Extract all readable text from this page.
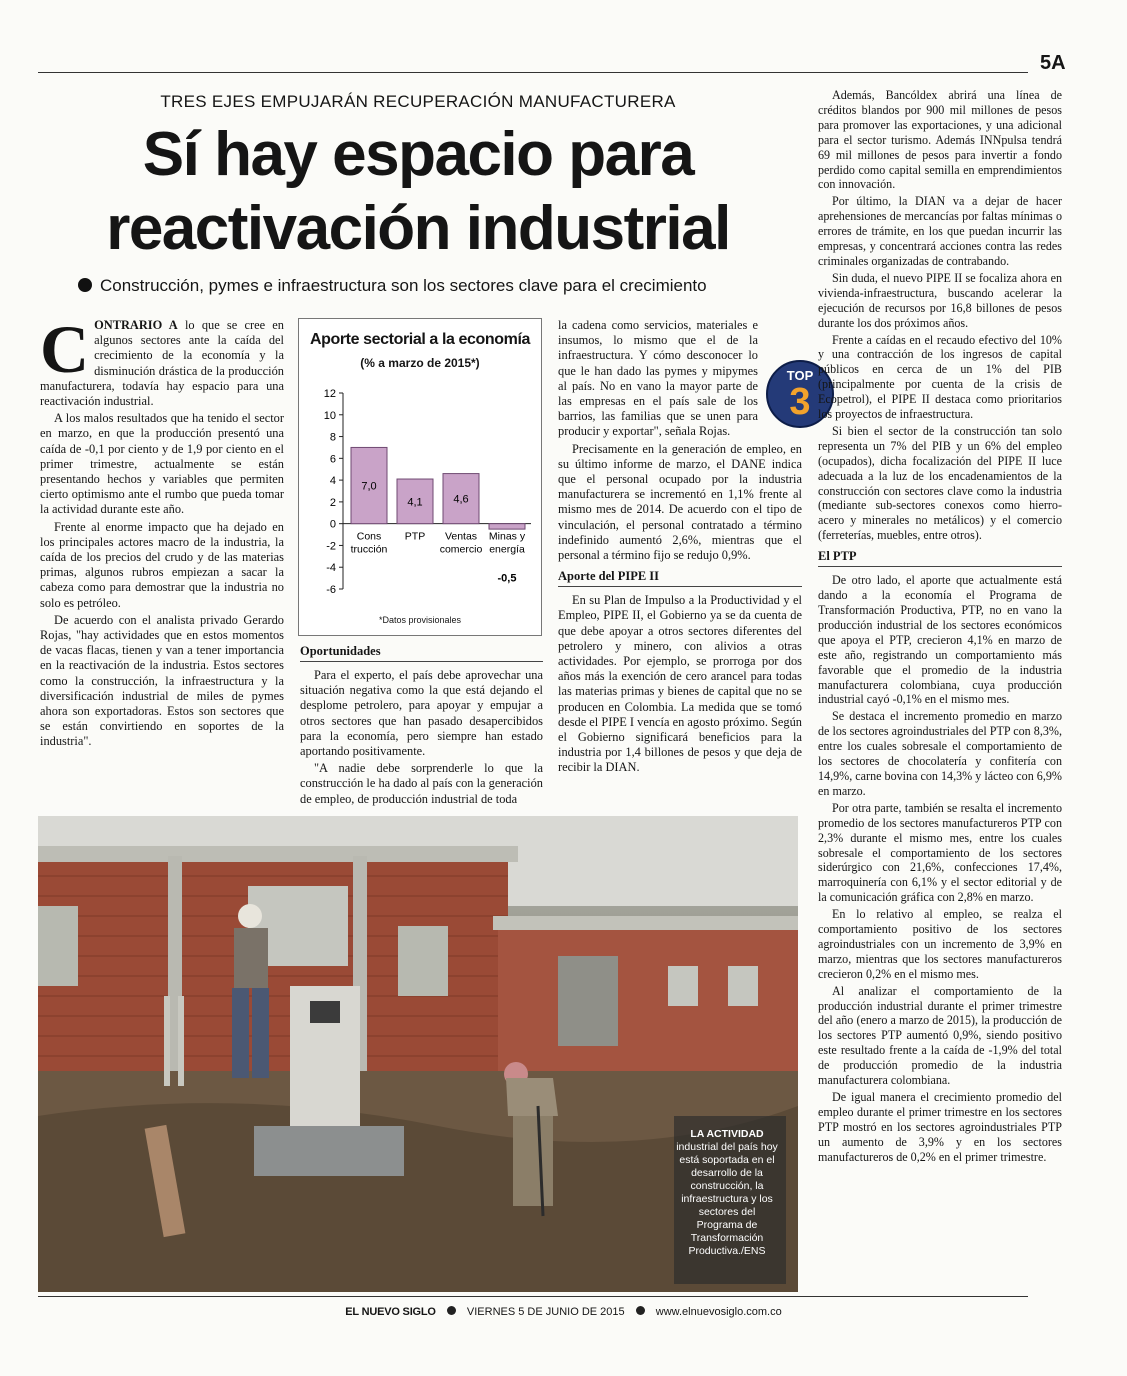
5A
TRES EJES EMPUJARÁN RECUPERACIÓN MANUFACTURERA
Sí hay espacio para
reactivación industrial
Construcción, pymes e infraestructura son los sectores clave para el crecimiento

C ONTRARIO A lo que se cree en algunos sectores ante la caída del crecimiento de la economía y la disminución drástica de la producción manufacturera, todavía hay espacio para una reactivación industrial.

A los malos resultados que ha tenido el sector en marzo, en que la producción presentó una caída de -0,1 por ciento y de 1,9 por ciento en el primer trimestre, actualmente se están presentando hechos y variables que permiten cierto optimismo ante el rumbo que pueda tomar la actividad durante este año.

Frente al enorme impacto que ha dejado en los principales actores macro de la industria, la caída de los precios del crudo y de las materias primas, algunos rubros empiezan a sacar la cabeza como para demostrar que la industria no solo es petróleo.

De acuerdo con el analista privado Gerardo Rojas, "hay actividades que en estos momentos de vacas flacas, tienen y van a tener importancia en la reactivación de la industria. Estos sectores como la construcción, la infraestructura y la diversificación industrial de miles de pymes ahora son exportadoras. Estos son sectores que se están convirtiendo en soportes de la industria".

Aporte sectorial a la economía
(% a marzo de 2015*)
12
10
8
6
4
2
0
-2
-4
-6
7,0
Cons
trucción
4,1
PTP
4,6
Ventas
comercio
-0,5
Minas y
energía
*Datos provisionales
Oportunidades

Para el experto, el país debe aprovechar una situación negativa como la que está dejando el desplome petrolero, para apoyar y empujar a otros sectores que han pasado desapercibidos para la economía, pero siempre han estado aportando positivamente.

"A nadie debe sorprenderle lo que la construcción le ha dado al país con la generación de empleo, de producción industrial de toda

la cadena como servicios, materiales e insumos, lo mismo que el de la infraestructura. Y cómo desconocer lo que le han dado las pymes y mipymes al país. No en vano la mayor parte de las empresas en el país sale de los barrios, las familias que se unen para producir y exportar", señala Rojas.

Precisamente en la generación de empleo, en su último informe de marzo, el DANE indica que el personal ocupado por la industria manufacturera se incrementó en 1,1% frente al mismo mes de 2014. De acuerdo con el tipo de vinculación, el personal contratado a término indefinido aumentó 2,6%, mientras que el personal a término fijo se redujo 0,9%.

Aporte del PIPE II

En su Plan de Impulso a la Productividad y el Empleo, PIPE II, el Gobierno ya se da cuenta de que debe apoyar a otros sectores diferentes del petrolero y minero, con alivios a otras actividades. Por ejemplo, se prorroga por dos años más la exención de cero arancel para todas las materias primas y bienes de capital que no se producen en Colombia. La medida que se tomó desde el PIPE I vencía en agosto próximo. Según el Gobierno significará beneficios para la industria por 1,4 billones de pesos y que deja de recibir la DIAN.

TOP
3

Además, Bancóldex abrirá una línea de créditos blandos por 900 mil millones de pesos para promover las exportaciones, y una adicional para el sector turismo. Además INNpulsa tendrá 69 mil millones de pesos para invertir a fondo perdido como capital semilla en emprendimientos con innovación.

Por último, la DIAN va a dejar de hacer aprehensiones de mercancías por faltas mínimas o errores de trámite, en los que puedan incurrir las empresas, y concentrará acciones contra las redes criminales organizadas de contrabando.

Sin duda, el nuevo PIPE II se focaliza ahora en vivienda-infraestructura, buscando acelerar la ejecución de recursos por 16,8 billones de pesos durante los dos próximos años.

Frente a caídas en el recaudo efectivo del 10% y una contracción de los ingresos de capital públicos en cerca de un 1% del PIB (principalmente por cuenta de la crisis de Ecopetrol), el PIPE II destaca como prioritarios los proyectos de infraestructura.

Si bien el sector de la construcción tan solo representa un 7% del PIB y un 6% del empleo (ocupados), dicha focalización del PIPE II luce adecuada a la luz de los encadenamientos de la construcción con sectores clave como la industria (mediante sub-sectores conexos como hierro-acero y minerales no metálicos) y el comercio (ferreterías, muebles, entre otros).

El PTP

De otro lado, el aporte que actualmente está dando a la economía el Programa de Transformación Productiva, PTP, no en vano la producción industrial de los sectores económicos que apoya el PTP, crecieron 4,1% en marzo de este año, registrando un comportamiento más favorable que el promedio de la industria manufacturera colombiana, cuya producción industrial cayó -0,1% en el mismo mes.

Se destaca el incremento promedio en marzo de los sectores agroindustriales del PTP con 8,3%, entre los cuales sobresale el comportamiento de los sectores de chocolatería y confitería con 14,9%, carne bovina con 14,3% y lácteo con 6,9% en marzo.

Por otra parte, también se resalta el incremento promedio de los sectores manufactureros PTP con 2,3% durante el mismo mes, entre los cuales sobresale el comportamiento de los sectores siderúrgico con 21,6%, confecciones 17,4%, marroquinería con 6,1% y el sector editorial y de la comunicación gráfica con 2,8% en marzo.

En lo relativo al empleo, se realza el comportamiento positivo de los sectores agroindustriales con un incremento de 3,9% en marzo, mientras que los sectores manufactureros crecieron 0,2% en el mismo mes.

Al analizar el comportamiento de la producción industrial durante el primer trimestre del año (enero a marzo de 2015), la producción de los sectores PTP aumentó 0,9%, siendo positivo este resultado frente a la caída de -1,9% del total de producción promedio de la industria manufacturera colombiana.

De igual manera el crecimiento promedio del empleo durante el primer trimestre en los sectores PTP mostró en los sectores agroindustriales PTP un aumento de 3,9% y en los sectores manufactureros de 0,2% en el primer trimestre.

LA ACTIVIDAD
industrial del país hoy está soportada en el desarrollo de la construcción, la infraestructura y los sectores del Programa de Transformación Productiva./ENS
EL NUEVO SIGLO	VIERNES 5 DE JUNIO DE 2015	www.elnuevosiglo.com.co
